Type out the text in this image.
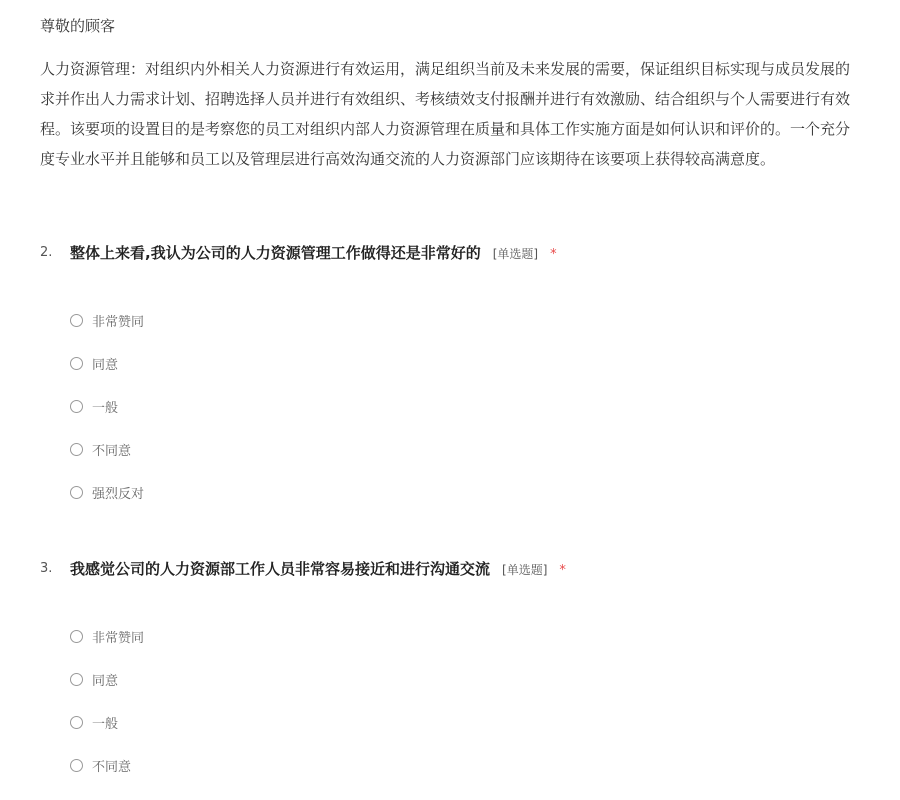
尊敬的顾客
人力资源管理：对组织内外相关人力资源进行有效运用，满足组织当前及未来发展的需要，保证组织目标实现与成员发展的
求并作出人力需求计划、招聘选择人员并进行有效组织、考核绩效支付报酬并进行有效激励、结合组织与个人需要进行有效
程。该要项的设置目的是考察您的员工对组织内部人力资源管理在质量和具体工作实施方面是如何认识和评价的。一个充分
度专业水平并且能够和员工以及管理层进行高效沟通交流的人力资源部门应该期待在该要项上获得较高满意度。
2. 整体上来看,我认为公司的人力资源管理工作做得还是非常好的 [单选题] *
非常赞同
同意
一般
不同意
强烈反对
3. 我感觉公司的人力资源部工作人员非常容易接近和进行沟通交流 [单选题] *
非常赞同
同意
一般
不同意
